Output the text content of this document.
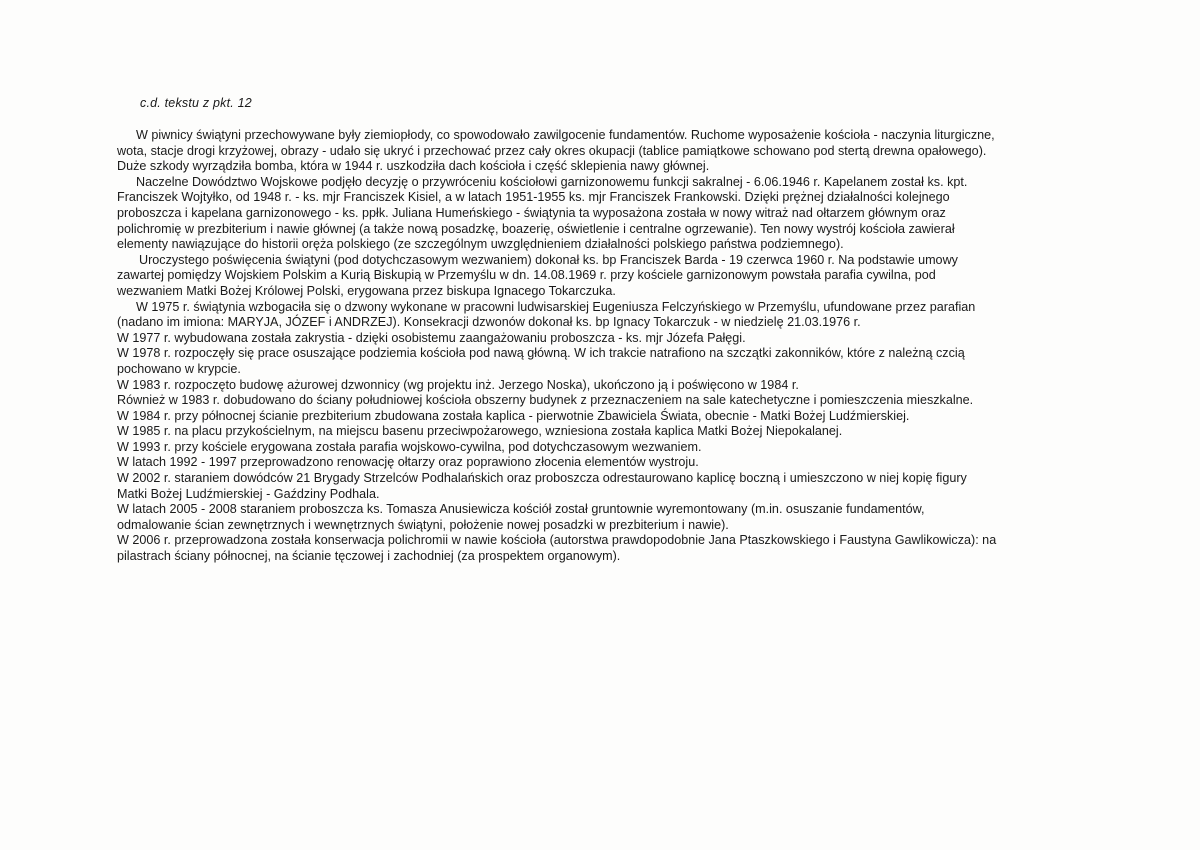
c.d. tekstu z pkt. 12
W piwnicy świątyni przechowywane były ziemiopłody, co spowodowało zawilgocenie fundamentów. Ruchome wyposażenie kościoła - naczynia liturgiczne,
wota, stacje drogi krzyżowej, obrazy - udało się ukryć i przechować przez cały okres okupacji (tablice pamiątkowe schowano pod stertą drewna opałowego).
Duże szkody wyrządziła bomba, która w 1944 r. uszkodziła dach kościoła i część sklepienia nawy głównej.
Naczelne Dowództwo Wojskowe podjęło decyzję o przywróceniu kościołowi garnizonowemu funkcji sakralnej - 6.06.1946 r. Kapelanem został ks. kpt.
Franciszek Wojtyłko, od 1948 r. - ks. mjr Franciszek Kisiel, a w latach 1951-1955 ks. mjr Franciszek Frankowski. Dzięki prężnej działalności kolejnego
proboszcza i kapelana garnizonowego - ks. ppłk. Juliana Humeńskiego - świątynia ta wyposażona została w nowy witraż nad ołtarzem głównym oraz
polichromię w prezbiterium i nawie głównej (a także nową posadzkę, boazerię, oświetlenie i centralne ogrzewanie). Ten nowy wystrój kościoła zawierał
elementy nawiązujące do historii oręża polskiego (ze szczególnym uwzględnieniem działalności polskiego państwa podziemnego).
Uroczystego poświęcenia świątyni (pod dotychczasowym wezwaniem) dokonał ks. bp Franciszek Barda - 19 czerwca 1960 r. Na podstawie umowy
zawartej pomiędzy Wojskiem Polskim a Kurią Biskupią w Przemyślu w dn. 14.08.1969 r. przy kościele garnizonowym powstała parafia cywilna, pod
wezwaniem Matki Bożej Królowej Polski, erygowana przez biskupa Ignacego Tokarczuka.
W 1975 r. świątynia wzbogaciła się o dzwony wykonane w pracowni ludwisarskiej Eugeniusza Felczyńskiego w Przemyślu, ufundowane przez parafian
(nadano im imiona: MARYJA, JÓZEF i ANDRZEJ). Konsekracji dzwonów dokonał ks. bp Ignacy Tokarczuk - w niedzielę 21.03.1976 r.
W 1977 r. wybudowana została zakrystia - dzięki osobistemu zaangażowaniu proboszcza - ks. mjr Józefa Pałęgi.
W 1978 r. rozpoczęły się prace osuszające podziemia kościoła pod nawą główną. W ich trakcie natrafiono na szczątki zakonników, które z należną czcią
pochowano w krypcie.
W 1983 r. rozpoczęto budowę ażurowej dzwonnicy (wg projektu inż. Jerzego Noska), ukończono ją i poświęcono w 1984 r.
Również w 1983 r. dobudowano do ściany południowej kościoła obszerny budynek z przeznaczeniem na sale katechetyczne i pomieszczenia mieszkalne.
W 1984 r. przy północnej ścianie prezbiterium zbudowana została kaplica - pierwotnie Zbawiciela Świata, obecnie - Matki Bożej Ludźmierskiej.
W 1985 r. na placu przykościelnym, na miejscu basenu przeciwpożarowego, wzniesiona została kaplica Matki Bożej Niepokalanej.
W 1993 r. przy kościele erygowana została parafia wojskowo-cywilna, pod dotychczasowym wezwaniem.
W latach 1992 - 1997 przeprowadzono renowację ołtarzy oraz poprawiono złocenia elementów wystroju.
W 2002 r. staraniem dowódców 21 Brygady Strzelców Podhalańskich oraz proboszcza odrestaurowano kaplicę boczną i umieszczono w niej kopię figury
Matki Bożej Ludźmierskiej - Gaździny Podhala.
W latach 2005 - 2008 staraniem proboszcza ks. Tomasza Anusiewicza kościół został gruntownie wyremontowany (m.in. osuszanie fundamentów,
odmalowanie ścian zewnętrznych i wewnętrznych świątyni, położenie nowej posadzki w prezbiterium i nawie).
W 2006 r. przeprowadzona została konserwacja polichromii w nawie kościoła (autorstwa prawdopodobnie Jana Ptaszkowskiego i Faustyna Gawlikowicza): na
pilastrach ściany północnej, na ścianie tęczowej i zachodniej (za prospektem organowym).
